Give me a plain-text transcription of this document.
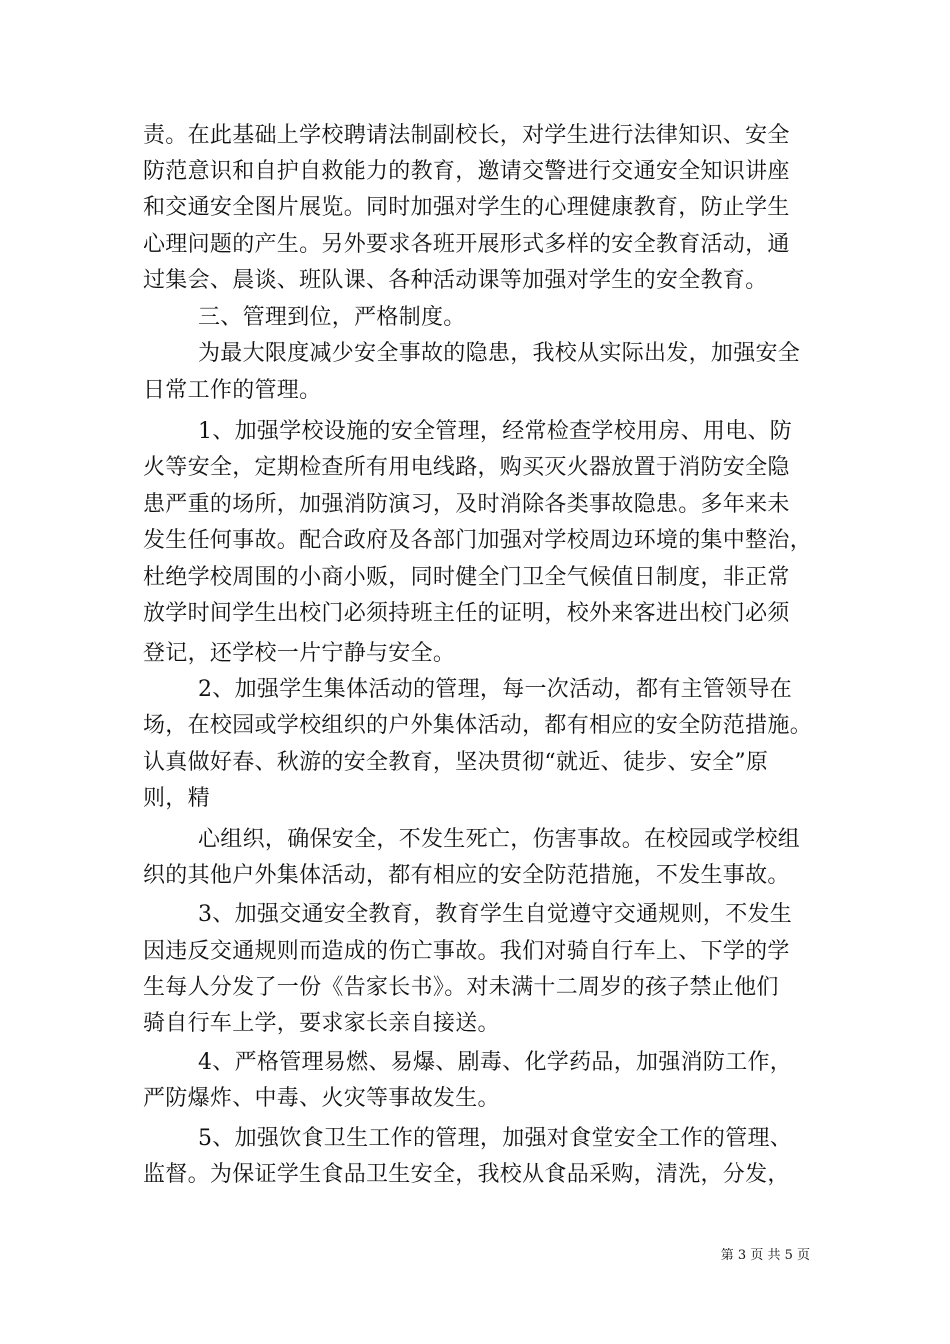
责。在此基础上学校聘请法制副校长，对学生进行法律知识、安全
防范意识和自护自救能力的教育，邀请交警进行交通安全知识讲座
和交通安全图片展览。同时加强对学生的心理健康教育，防止学生
心理问题的产生。另外要求各班开展形式多样的安全教育活动，通
过集会、晨谈、班队课、各种活动课等加强对学生的安全教育。
三、管理到位，严格制度。
为最大限度减少安全事故的隐患，我校从实际出发，加强安全
日常工作的管理。
1、加强学校设施的安全管理，经常检查学校用房、用电、防
火等安全，定期检查所有用电线路，购买灭火器放置于消防安全隐
患严重的场所，加强消防演习，及时消除各类事故隐患。多年来未
发生任何事故。配合政府及各部门加强对学校周边环境的集中整治，
杜绝学校周围的小商小贩，同时健全门卫全气候值日制度，非正常
放学时间学生出校门必须持班主任的证明，校外来客进出校门必须
登记，还学校一片宁静与安全。
2、加强学生集体活动的管理，每一次活动，都有主管领导在
场，在校园或学校组织的户外集体活动，都有相应的安全防范措施。
认真做好春、秋游的安全教育，坚决贯彻“就近、徒步、安全”原
则，精
心组织，确保安全，不发生死亡，伤害事故。在校园或学校组
织的其他户外集体活动，都有相应的安全防范措施，不发生事故。
3、加强交通安全教育，教育学生自觉遵守交通规则，不发生
因违反交通规则而造成的伤亡事故。我们对骑自行车上、下学的学
生每人分发了一份《告家长书》。对未满十二周岁的孩子禁止他们
骑自行车上学，要求家长亲自接送。
4、严格管理易燃、易爆、剧毒、化学药品，加强消防工作，
严防爆炸、中毒、火灾等事故发生。
5、加强饮食卫生工作的管理，加强对食堂安全工作的管理、
监督。为保证学生食品卫生安全，我校从食品采购，清洗，分发，
第 3 页 共 5 页
